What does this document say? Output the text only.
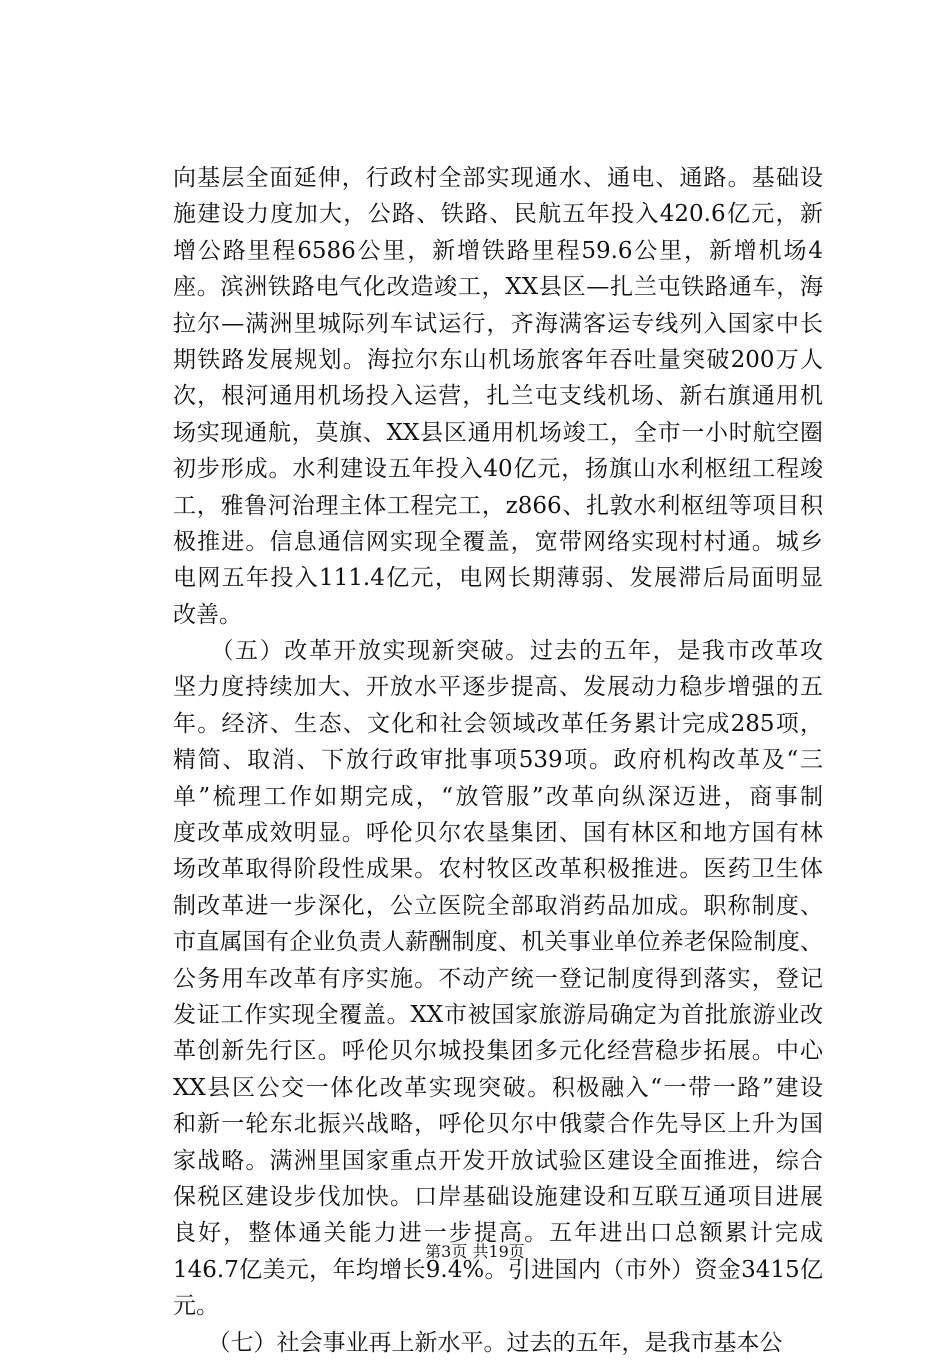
向基层全面延伸，行政村全部实现通水、通电、通路。基础设
施建设力度加大，公路、铁路、民航五年投入420.6亿元，新
增公路里程6586公里，新增铁路里程59.6公里，新增机场4
座。滨洲铁路电气化改造竣工，XX县区—扎兰屯铁路通车，海
拉尔—满洲里城际列车试运行，齐海满客运专线列入国家中长
期铁路发展规划。海拉尔东山机场旅客年吞吐量突破200万人
次，根河通用机场投入运营，扎兰屯支线机场、新右旗通用机
场实现通航，莫旗、XX县区通用机场竣工，全市一小时航空圈
初步形成。水利建设五年投入40亿元，扬旗山水利枢纽工程竣
工，雅鲁河治理主体工程完工，z866、扎敦水利枢纽等项目积
极推进。信息通信网实现全覆盖，宽带网络实现村村通。城乡
电网五年投入111.4亿元，电网长期薄弱、发展滞后局面明显
改善。
　　（五）改革开放实现新突破。过去的五年，是我市改革攻
坚力度持续加大、开放水平逐步提高、发展动力稳步增强的五
年。经济、生态、文化和社会领域改革任务累计完成285项，
精简、取消、下放行政审批事项539项。政府机构改革及“三
单”梳理工作如期完成，“放管服”改革向纵深迈进，商事制
度改革成效明显。呼伦贝尔农垦集团、国有林区和地方国有林
场改革取得阶段性成果。农村牧区改革积极推进。医药卫生体
制改革进一步深化，公立医院全部取消药品加成。职称制度、
市直属国有企业负责人薪酬制度、机关事业单位养老保险制度、
公务用车改革有序实施。不动产统一登记制度得到落实，登记
发证工作实现全覆盖。XX市被国家旅游局确定为首批旅游业改
革创新先行区。呼伦贝尔城投集团多元化经营稳步拓展。中心
XX县区公交一体化改革实现突破。积极融入“一带一路”建设
和新一轮东北振兴战略，呼伦贝尔中俄蒙合作先导区上升为国
家战略。满洲里国家重点开发开放试验区建设全面推进，综合
保税区建设步伐加快。口岸基础设施建设和互联互通项目进展
良好，整体通关能力进一步提高。五年进出口总额累计完成
146.7亿美元，年均增长9.4%。引进国内（市外）资金3415亿
元。
　　（七）社会事业再上新水平。过去的五年，是我市基本公
第3页 共19页
